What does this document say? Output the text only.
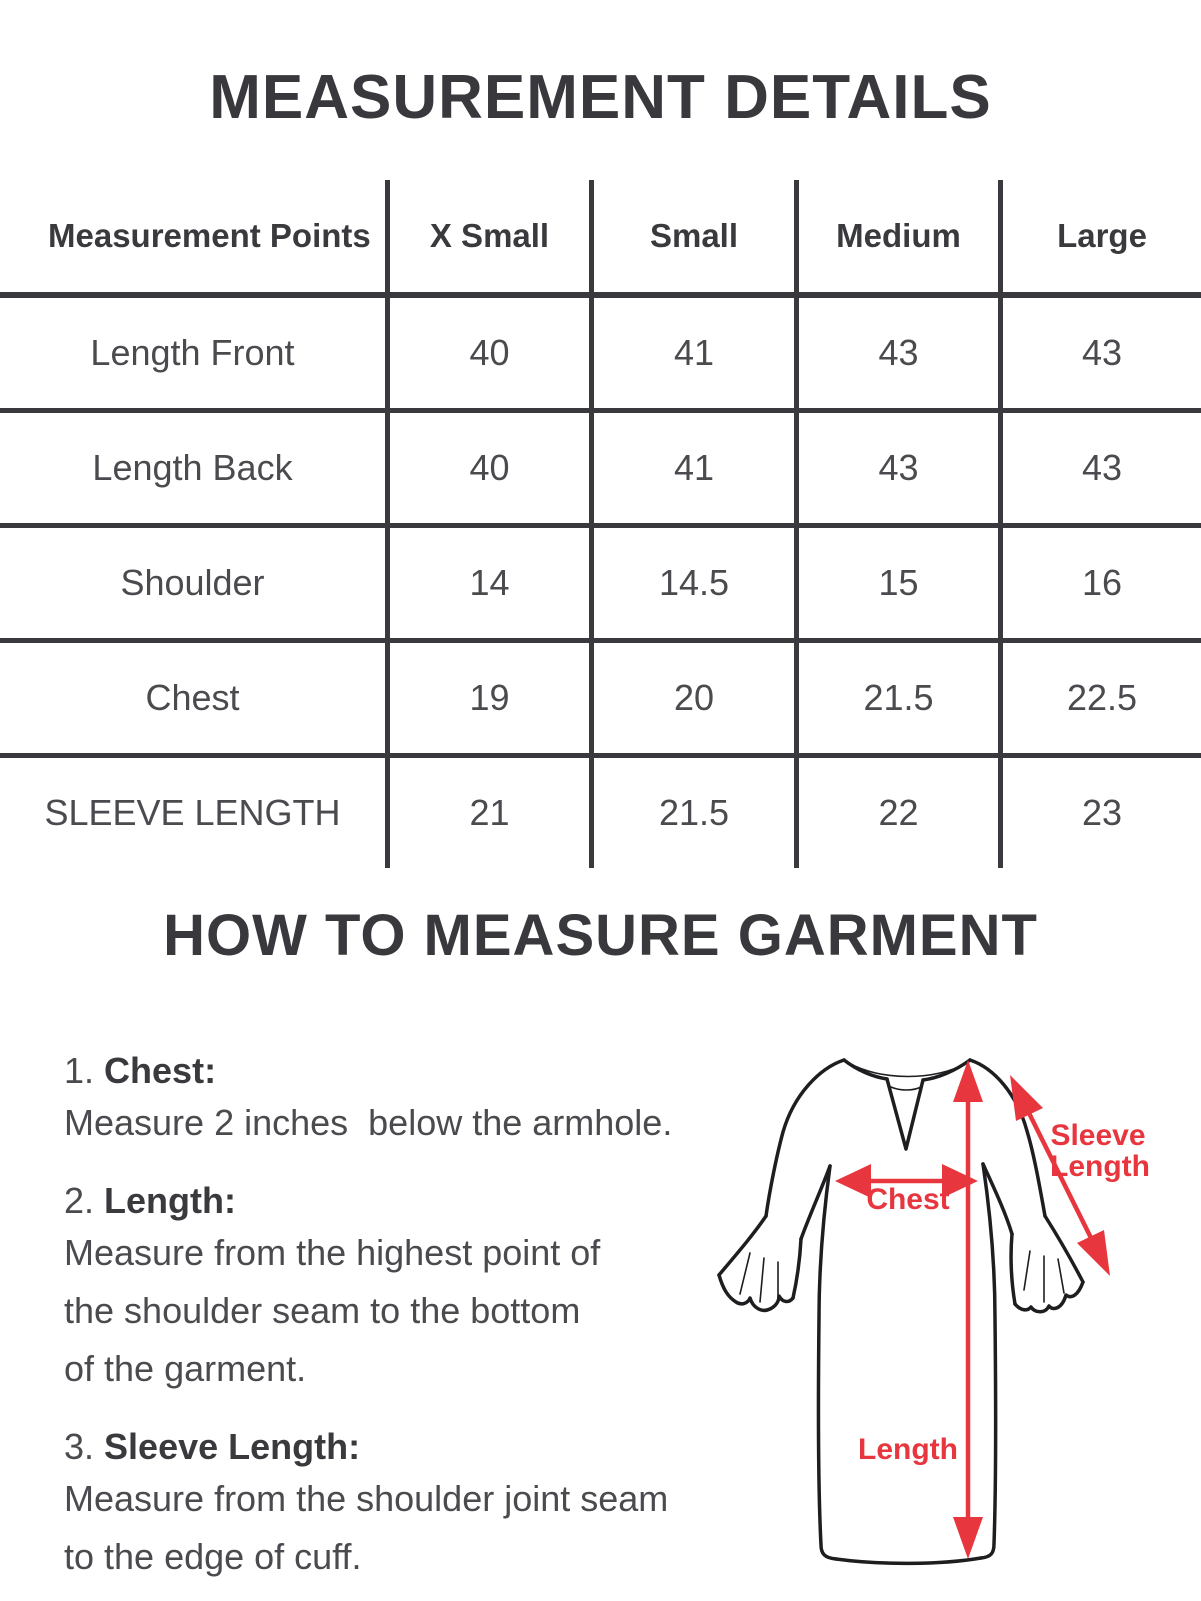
MEASUREMENT DETAILS
Measurement Points	X Small	Small	Medium	Large
Length Front	40	41	43	43
Length Back	40	41	43	43
Shoulder	14	14.5	15	16
Chest	19	20	21.5	22.5
SLEEVE LENGTH	21	21.5	22	23
HOW TO MEASURE GARMENT

1. Chest:

Measure 2 inches  below the armhole.

2. Length:

Measure from the highest point of

the shoulder seam to the bottom

of the garment.

3. Sleeve Length:

Measure from the shoulder joint seam

to the edge of cuff.

Chest
Length
Sleeve
Length
